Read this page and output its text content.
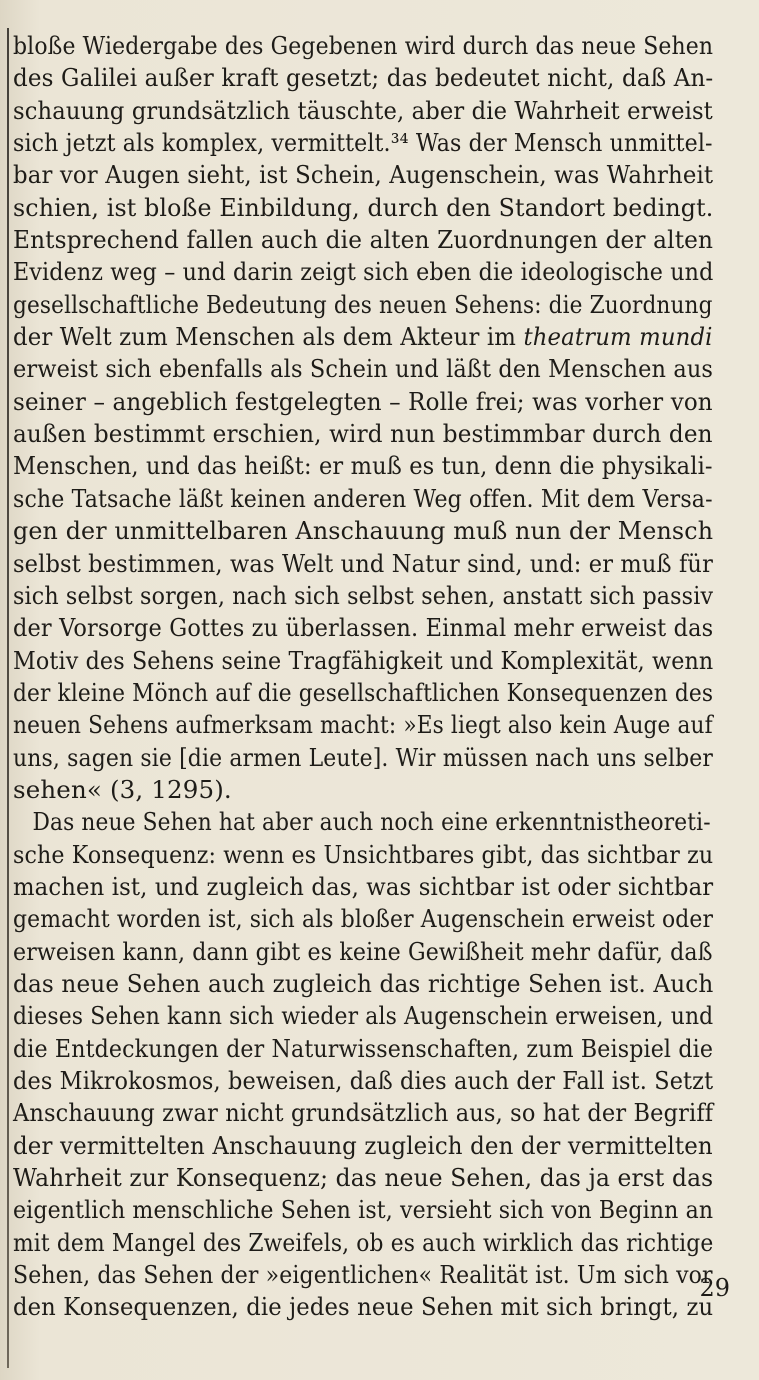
bloße Wiedergabe des Gegebenen wird durch das neue Sehen
des Galilei außer kraft gesetzt; das bedeutet nicht, daß An-
schauung grundsätzlich täuschte, aber die Wahrheit erweist
sich jetzt als komplex, vermittelt.³⁴ Was der Mensch unmittel-
bar vor Augen sieht, ist Schein, Augenschein, was Wahrheit
schien, ist bloße Einbildung, durch den Standort bedingt.
Entsprechend fallen auch die alten Zuordnungen der alten
Evidenz weg – und darin zeigt sich eben die ideologische und
gesellschaftliche Bedeutung des neuen Sehens: die Zuordnung
der Welt zum Menschen als dem Akteur im theatrum mundi
erweist sich ebenfalls als Schein und läßt den Menschen aus
seiner – angeblich festgelegten – Rolle frei; was vorher von
außen bestimmt erschien, wird nun bestimmbar durch den
Menschen, und das heißt: er muß es tun, denn die physikali-
sche Tatsache läßt keinen anderen Weg offen. Mit dem Versa-
gen der unmittelbaren Anschauung muß nun der Mensch
selbst bestimmen, was Welt und Natur sind, und: er muß für
sich selbst sorgen, nach sich selbst sehen, anstatt sich passiv
der Vorsorge Gottes zu überlassen. Einmal mehr erweist das
Motiv des Sehens seine Tragfähigkeit und Komplexität, wenn
der kleine Mönch auf die gesellschaftlichen Konsequenzen des
neuen Sehens aufmerksam macht: »Es liegt also kein Auge auf
uns, sagen sie [die armen Leute]. Wir müssen nach uns selber
sehen« (3, 1295).
Das neue Sehen hat aber auch noch eine erkenntnistheoreti-
sche Konsequenz: wenn es Unsichtbares gibt, das sichtbar zu
machen ist, und zugleich das, was sichtbar ist oder sichtbar
gemacht worden ist, sich als bloßer Augenschein erweist oder
erweisen kann, dann gibt es keine Gewißheit mehr dafür, daß
das neue Sehen auch zugleich das richtige Sehen ist. Auch
dieses Sehen kann sich wieder als Augenschein erweisen, und
die Entdeckungen der Naturwissenschaften, zum Beispiel die
des Mikrokosmos, beweisen, daß dies auch der Fall ist. Setzt
Anschauung zwar nicht grundsätzlich aus, so hat der Begriff
der vermittelten Anschauung zugleich den der vermittelten
Wahrheit zur Konsequenz; das neue Sehen, das ja erst das
eigentlich menschliche Sehen ist, versieht sich von Beginn an
mit dem Mangel des Zweifels, ob es auch wirklich das richtige
Sehen, das Sehen der »eigentlichen« Realität ist. Um sich vor
den Konsequenzen, die jedes neue Sehen mit sich bringt, zu
29
